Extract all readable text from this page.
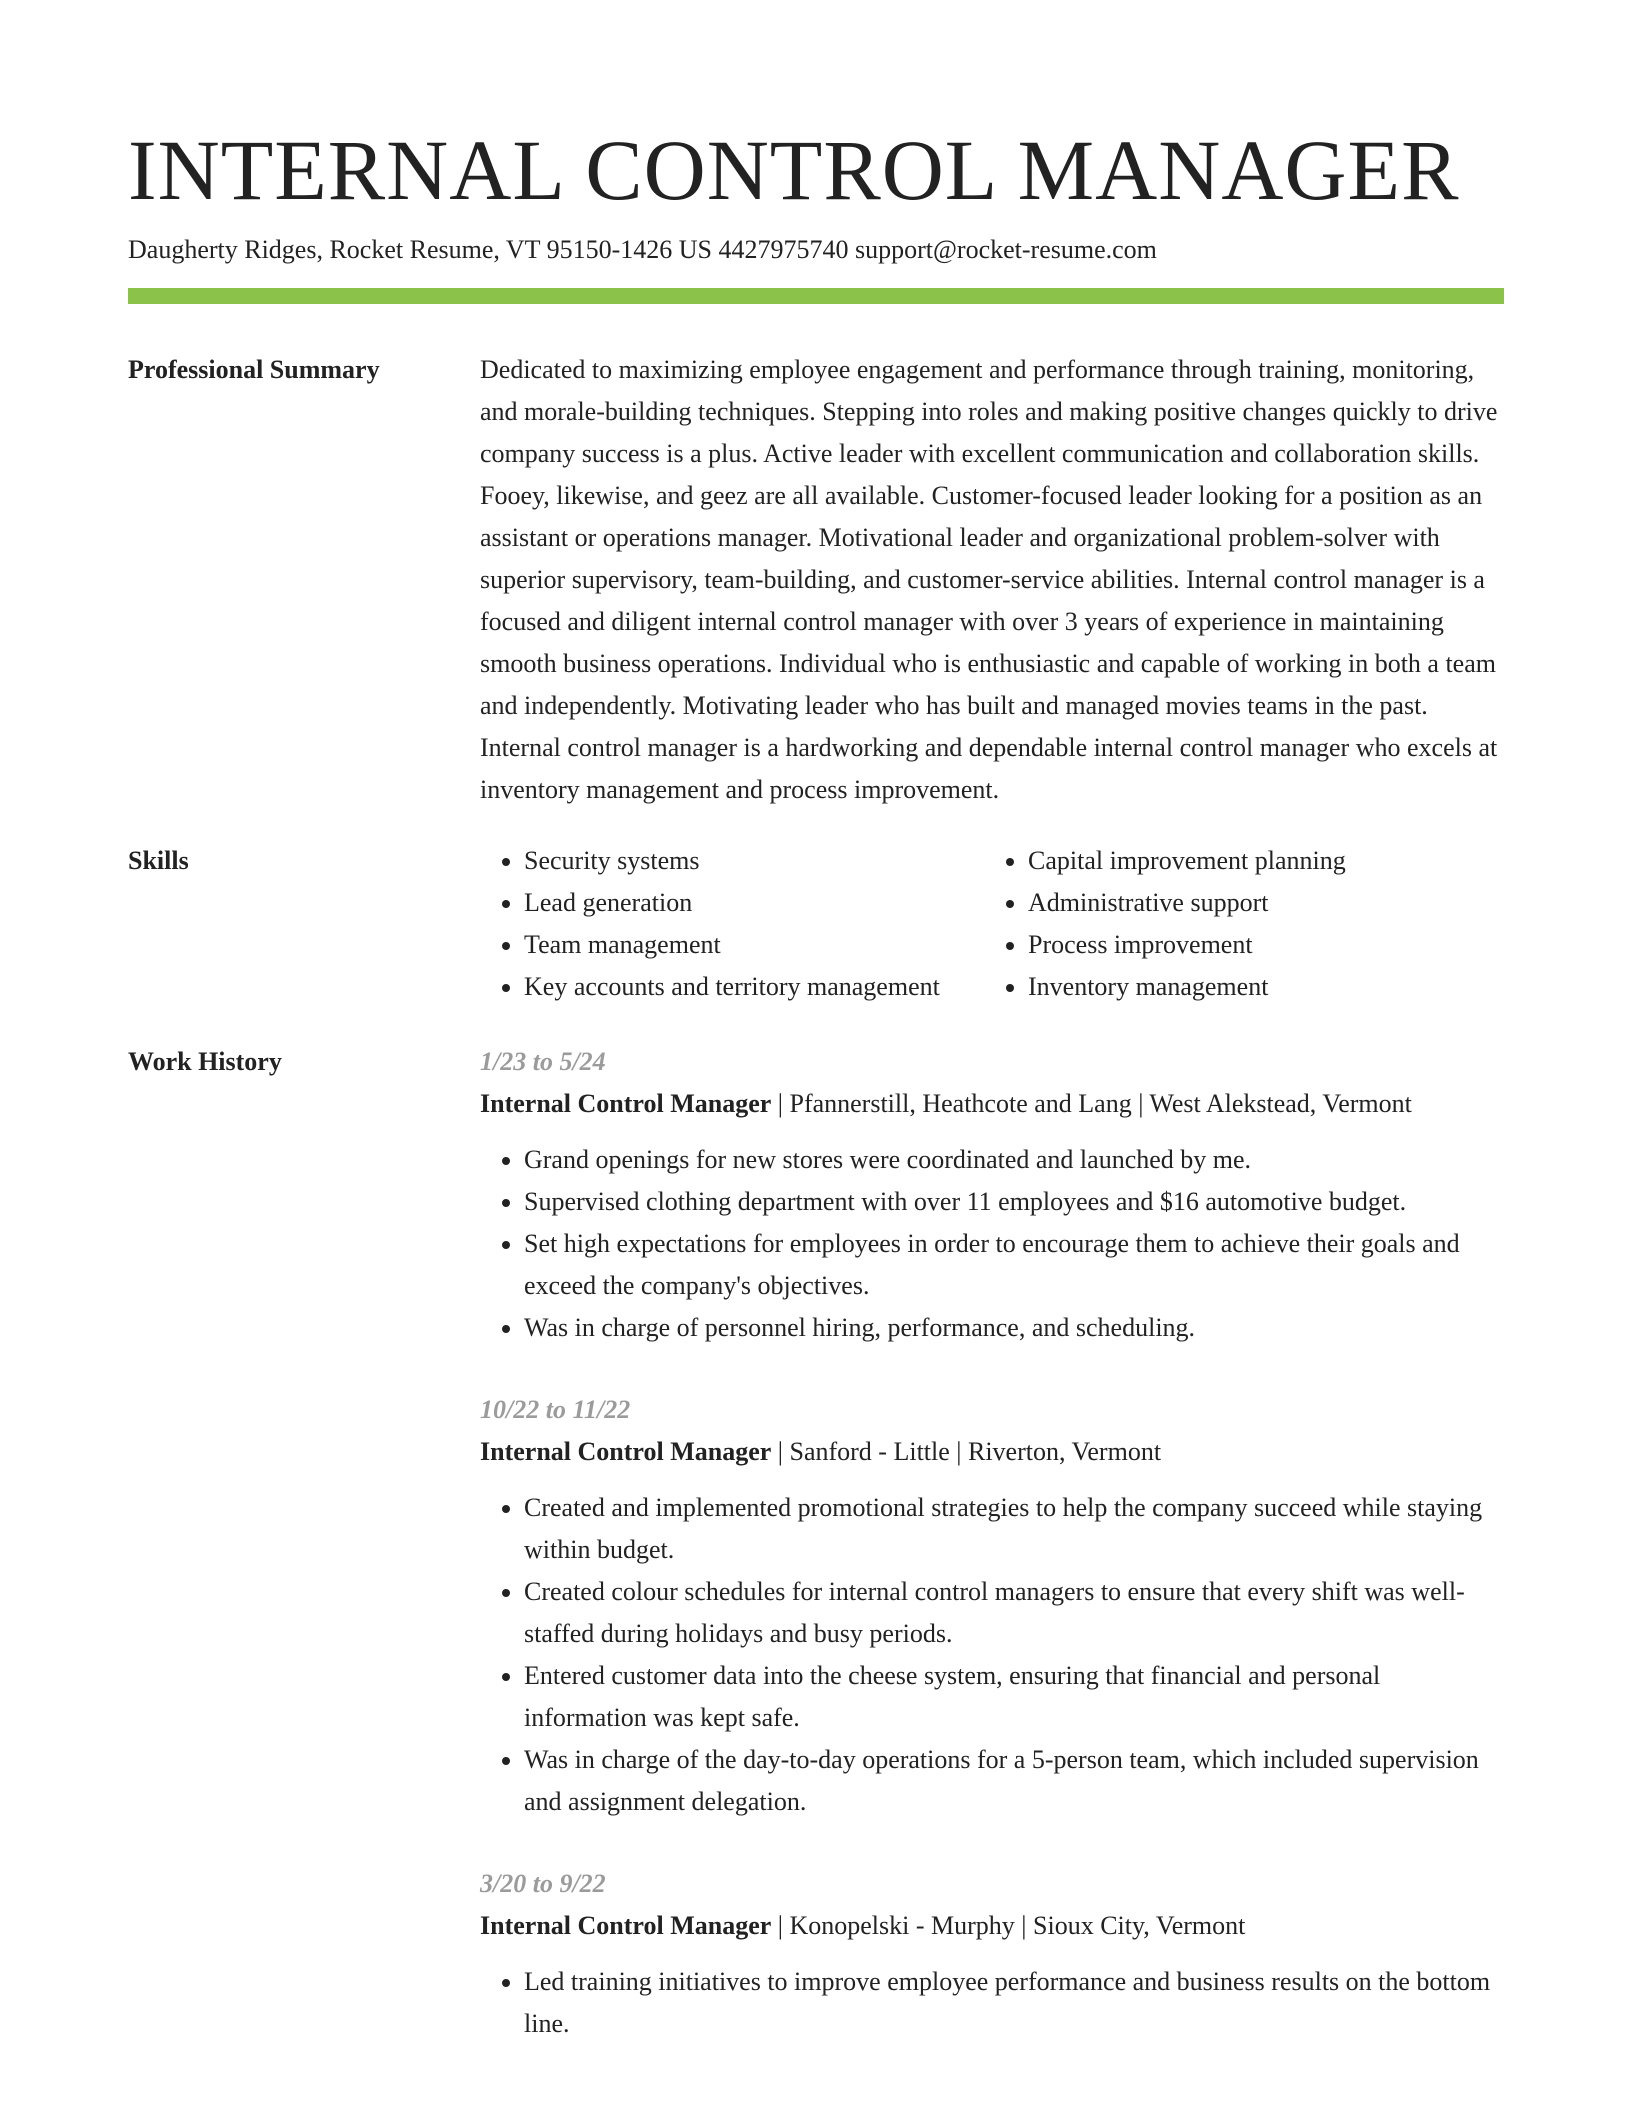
INTERNAL CONTROL MANAGER
Daugherty Ridges, Rocket Resume, VT 95150-1426 US 4427975740 support@rocket-resume.com
Professional Summary	Dedicated to maximizing employee engagement and performance through training, monitoring, and morale-building techniques. Stepping into roles and making positive changes quickly to drive company success is a plus. Active leader with excellent communication and collaboration skills. Fooey, likewise, and geez are all available. Customer-focused leader looking for a position as an assistant or operations manager. Motivational leader and organizational problem-solver with superior supervisory, team-building, and customer-service abilities. Internal control manager is a focused and diligent internal control manager with over 3 years of experience in maintaining smooth business operations. Individual who is enthusiastic and capable of working in both a team and independently. Motivating leader who has built and managed movies teams in the past. Internal control manager is a hardworking and dependable internal control manager who excels at inventory management and process improvement.

Skills
•	Security systems
• Lead generation
• Team management
• Key accounts and territory management
• Capital improvement planning
• Administrative support
• Process improvement
• Inventory management
Work History	1/23 to 5/24
Internal Control Manager | Pfannerstill, Heathcote and Lang | West Alekstead, Vermont
• Grand openings for new stores were coordinated and launched by me.
• Supervised clothing department with over 11 employees and $16 automotive budget.
• Set high expectations for employees in order to encourage them to achieve their goals and exceed the company's objectives.
• Was in charge of personnel hiring, performance, and scheduling.
10/22 to 11/22
Internal Control Manager | Sanford - Little | Riverton, Vermont
• Created and implemented promotional strategies to help the company succeed while staying within budget.
• Created colour schedules for internal control managers to ensure that every shift was well-staffed during holidays and busy periods.
• Entered customer data into the cheese system, ensuring that financial and personal information was kept safe.
• Was in charge of the day-to-day operations for a 5-person team, which included supervision and assignment delegation.
3/20 to 9/22
Internal Control Manager | Konopelski - Murphy | Sioux City, Vermont
• Led training initiatives to improve employee performance and business results on the bottom line.
